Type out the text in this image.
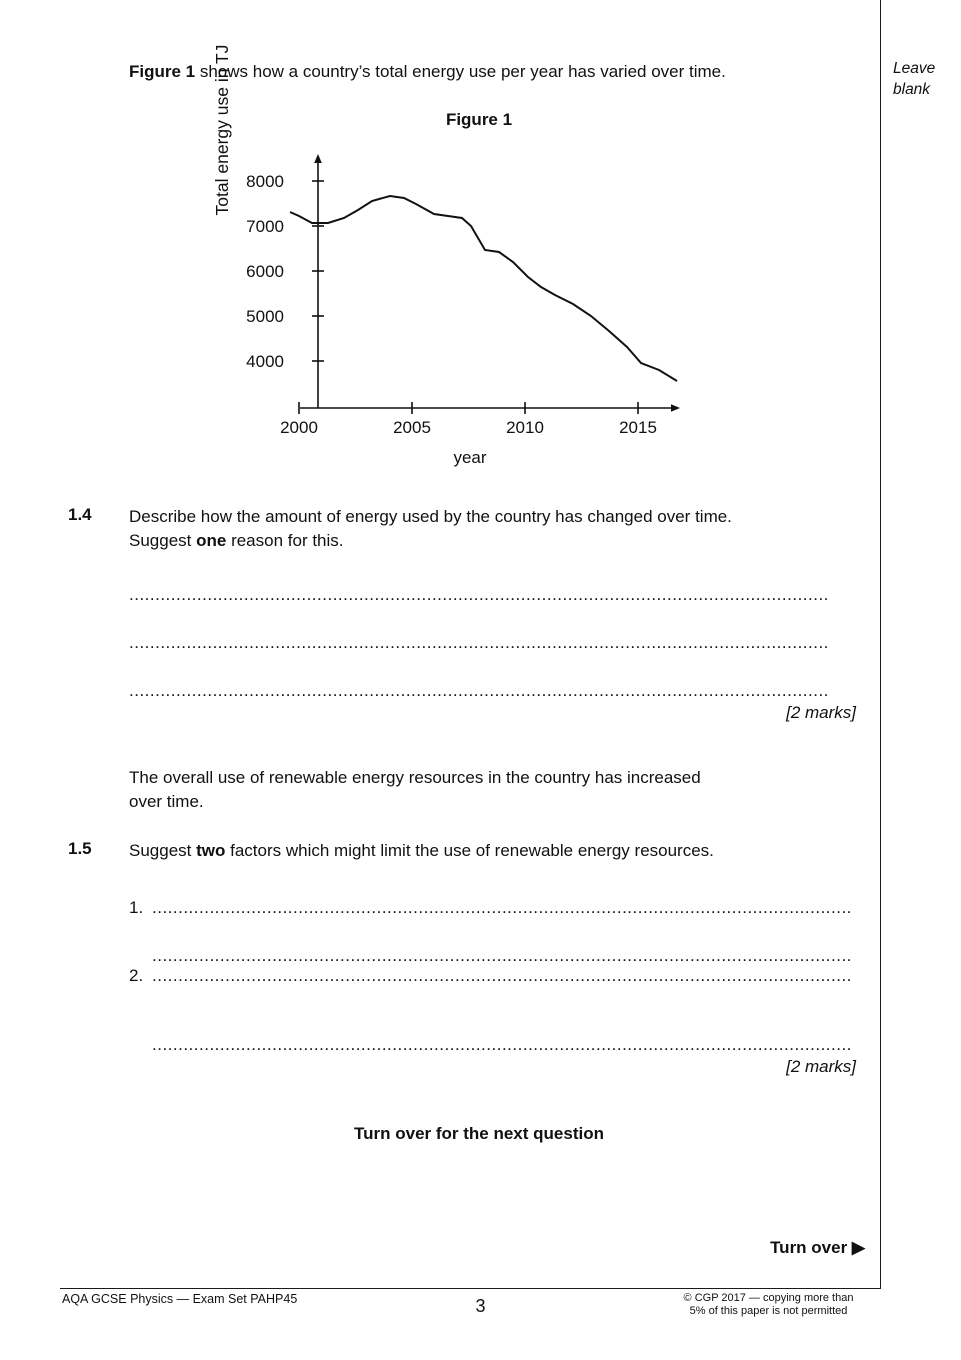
Leave
blank
Figure 1 shows how a country’s total energy use per year has varied over time.
Figure 1
Total energy use in TJ 8000
7000
6000
5000
4000
2000	2005	2010	2015
year
1.4	Describe how the amount of energy used by the country has changed over time.
Suggest one reason for this.
......................................................................................................................................
......................................................................................................................................
......................................................................................................................................
[2 marks]
The overall use of renewable energy resources in the country has increased
over time.
1.5	Suggest two factors which might limit the use of renewable energy resources.
1. ......................................................................................................................................
......................................................................................................................................
2. ......................................................................................................................................
......................................................................................................................................
[2 marks]
Turn over for the next question
Turn over ▶
AQA GCSE Physics — Exam Set PAHP45	3	© CGP 2017 — copying more than
5% of this paper is not permitted
